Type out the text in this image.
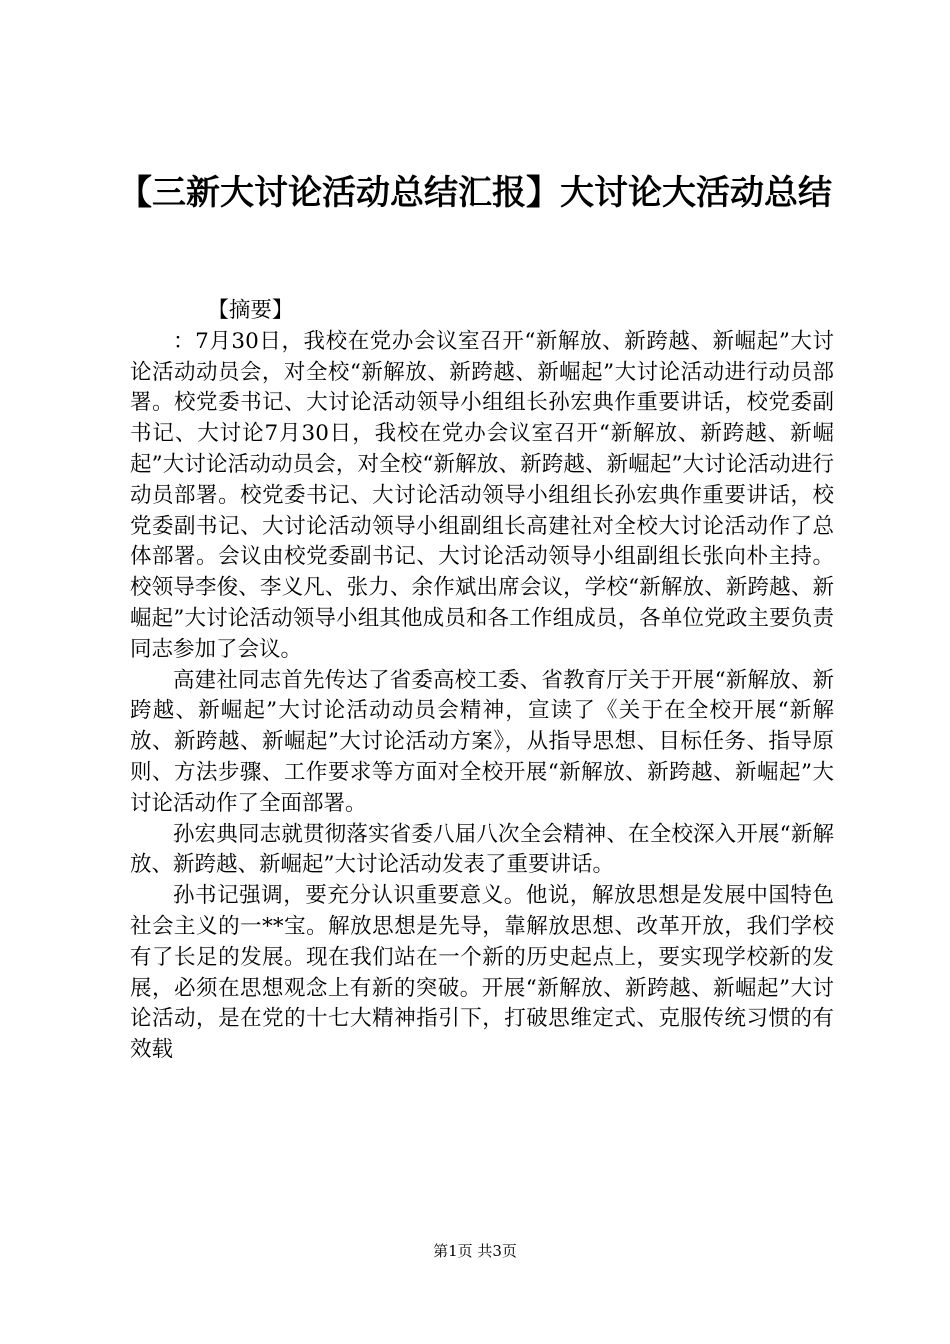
【三新大讨论活动总结汇报】大讨论大活动总结

【摘要】

：7月30日，我校在党办会议室召开“新解放、新跨越、新崛起”大讨论活动动员会，对全校“新解放、新跨越、新崛起”大讨论活动进行动员部署。校党委书记、大讨论活动领导小组组长孙宏典作重要讲话，校党委副书记、大讨论7月30日，我校在党办会议室召开“新解放、新跨越、新崛起”大讨论活动动员会，对全校“新解放、新跨越、新崛起”大讨论活动进行动员部署。校党委书记、大讨论活动领导小组组长孙宏典作重要讲话，校党委副书记、大讨论活动领导小组副组长高建社对全校大讨论活动作了总体部署。会议由校党委副书记、大讨论活动领导小组副组长张向朴主持。校领导李俊、李义凡、张力、余作斌出席会议，学校“新解放、新跨越、新崛起”大讨论活动领导小组其他成员和各工作组成员，各单位党政主要负责同志参加了会议。

高建社同志首先传达了省委高校工委、省教育厅关于开展“新解放、新跨越、新崛起”大讨论活动动员会精神，宣读了《关于在全校开展“新解放、新跨越、新崛起”大讨论活动方案》，从指导思想、目标任务、指导原则、方法步骤、工作要求等方面对全校开展“新解放、新跨越、新崛起”大讨论活动作了全面部署。

孙宏典同志就贯彻落实省委八届八次全会精神、在全校深入开展“新解放、新跨越、新崛起”大讨论活动发表了重要讲话。

孙书记强调，要充分认识重要意义。他说，解放思想是发展中国特色社会主义的一**宝。解放思想是先导，靠解放思想、改革开放，我们学校有了长足的发展。现在我们站在一个新的历史起点上，要实现学校新的发展，必须在思想观念上有新的突破。开展“新解放、新跨越、新崛起”大讨论活动，是在党的十七大精神指引下，打破思维定式、克服传统习惯的有效载

第1页 共3页
